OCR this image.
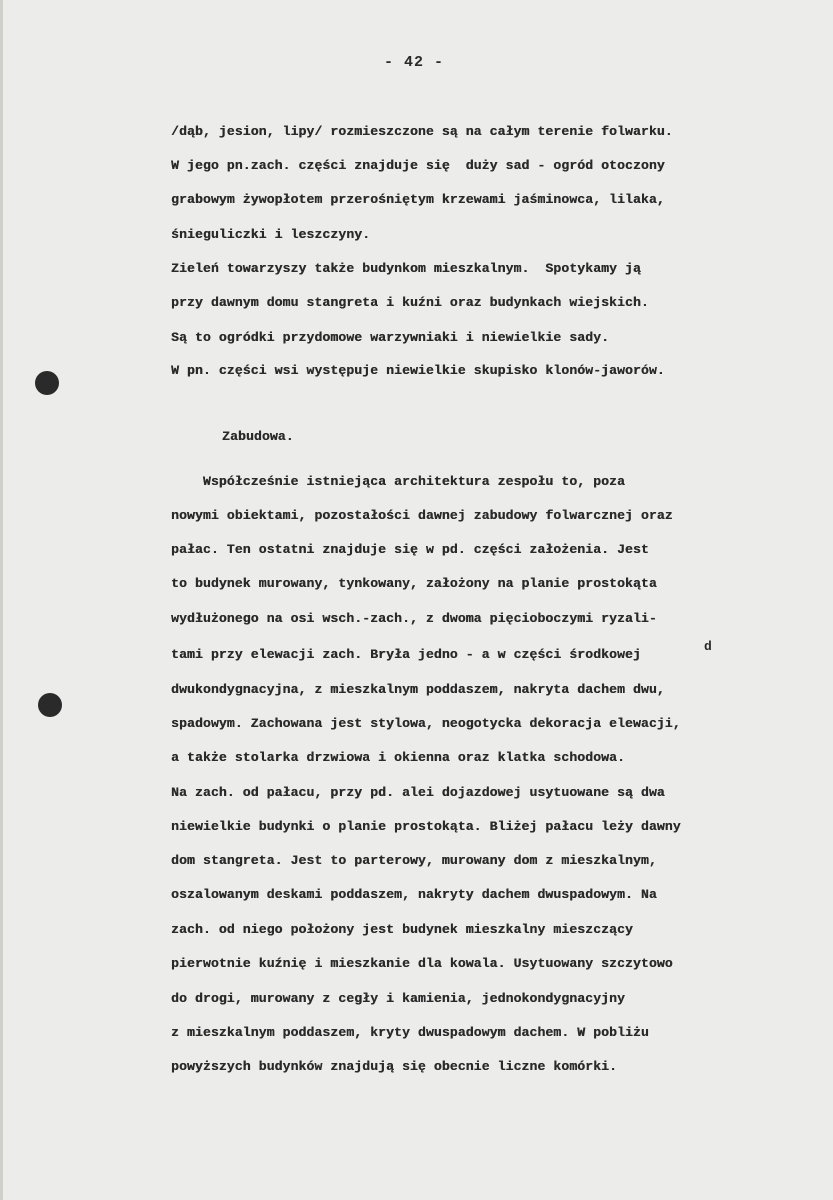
- 42 -
/dąb, jesion, lipy/ rozmieszczone są na całym terenie folwarku.
W jego pn.zach. części znajduje się  duży sad - ogród otoczony
grabowym żywopłotem przerośniętym krzewami jaśminowca, lilaka,
śnieguliczki i leszczyny.
Zieleń towarzyszy także budynkom mieszkalnym.  Spotykamy ją
przy dawnym domu stangreta i kuźni oraz budynkach wiejskich.
Są to ogródki przydomowe warzywniaki i niewielkie sady.
W pn. części wsi występuje niewielkie skupisko klonów-jaworów.
Zabudowa.
Współcześnie istniejąca architektura zespołu to, poza
nowymi obiektami, pozostałości dawnej zabudowy folwarcznej oraz
pałac. Ten ostatni znajduje się w pd. części założenia. Jest
to budynek murowany, tynkowany, założony na planie prostokąta
wydłużonego na osi wsch.-zach., z dwoma pięcioboczymi ryzali-
tami przy elewacji zach. Bryła jedno - a w części środkowej
dwukondygnacyjna, z mieszkalnym poddaszem, nakryta dachem dwu,
spadowym. Zachowana jest stylowa, neogotycka dekoracja elewacji,
a także stolarka drzwiowa i okienna oraz klatka schodowa.
Na zach. od pałacu, przy pd. alei dojazdowej usytuowane są dwa
niewielkie budynki o planie prostokąta. Bliżej pałacu leży dawny
dom stangreta. Jest to parterowy, murowany dom z mieszkalnym,
oszalowanym deskami poddaszem, nakryty dachem dwuspadowym. Na
zach. od niego położony jest budynek mieszkalny mieszczący
pierwotnie kuźnię i mieszkanie dla kowala. Usytuowany szczytowo
do drogi, murowany z cegły i kamienia, jednokondygnacyjny
z mieszkalnym poddaszem, kryty dwuspadowym dachem. W pobliżu
powyższych budynków znajdują się obecnie liczne komórki.
d
